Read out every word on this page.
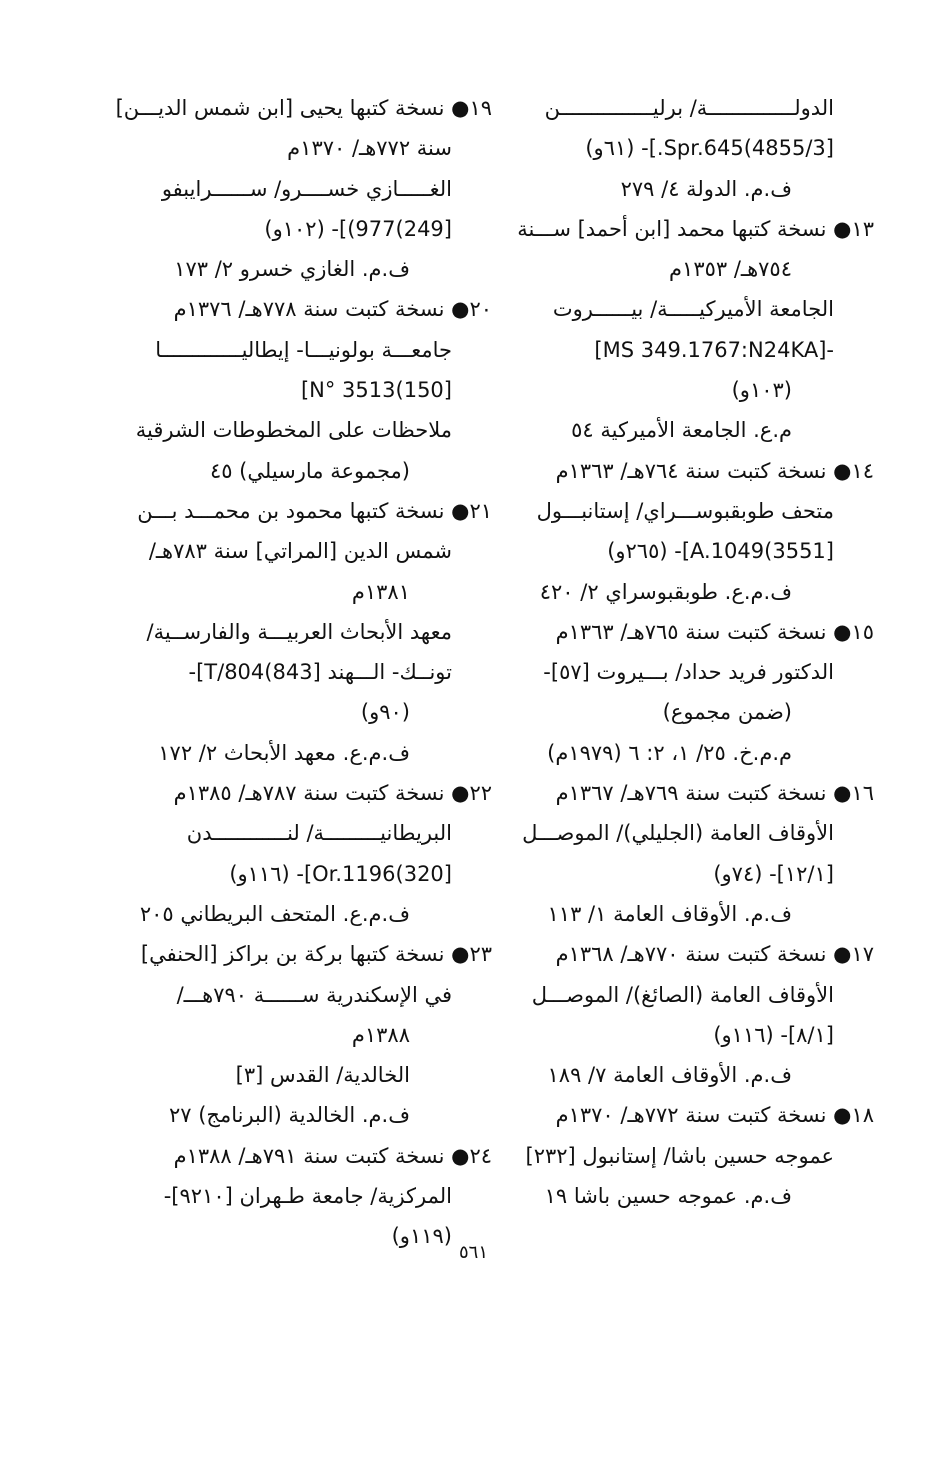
الدولــــــــــــــة/ برليـــــــــــــــن
[4855/3)Spr.645.]- (٦١و)
ف.م. الدولة ٤/ ٢٧٩
١٣● نسخة كتبها محمد [ابن أحمد] ســـنة
٧٥٤هـ/ ١٣٥٣م
الجامعة الأميركيـــــة/ بيــــــروت
-[MS 349.1767:N24KA]
(١٠٣و)
م.ع. الجامعة الأميركية ٥٤
١٤● نسخة كتبت سنة ٧٦٤هـ/ ١٣٦٣م
متحف طوبقبوســـراي/ إستانبـــول
[3551)A.1049]- (٢٦٥و)
ف.م.ع. طوبقبوسراي ٢/ ٤٢٠
١٥● نسخة كتبت سنة ٧٦٥هـ/ ١٣٦٣م
الدكتور فريد حداد/ بـــيروت [٥٧]-
(ضمن مجموع)
م.م.خ. ٢٥/ ١، ٢: ٦ (١٩٧٩م)
١٦● نسخة كتبت سنة ٧٦٩هـ/ ١٣٦٧م
الأوقاف العامة (الجليلي)/ الموصـــل
[١٢/١]- (٧٤و)
ف.م. الأوقاف العامة ١/ ١١٣
١٧● نسخة كتبت سنة ٧٧٠هـ/ ١٣٦٨م
الأوقاف العامة (الصائغ)/ الموصـــل
[٨/١]- (١١٦و)
ف.م. الأوقاف العامة ٧/ ١٨٩
١٨● نسخة كتبت سنة ٧٧٢هـ/ ١٣٧٠م
عموجه حسين باشا/ إستانبول [٢٣٢]
ف.م. عموجه حسين باشا ١٩
١٩● نسخة كتبها يحيى [ابن شمس الديـــن]
سنة ٧٧٢هـ/ ١٣٧٠م
الغـــــازي خســــرو/ ســــــرايبفو
[249)977)]- (١٠٢و)
ف.م. الغازي خسرو ٢/ ١٧٣
٢٠● نسخة كتبت سنة ٧٧٨هـ/ ١٣٧٦م
جامعـــة بولونيـــا- إيطاليـــــــــــــا
[150)N° 3513]
ملاحظات على المخطوطات الشرقية
(مجموعة مارسيلي) ٤٥
٢١● نسخة كتبها محمود بن محمـــد بـــن
شمس الدين [المراتي] سنة ٧٨٣هـ/
١٣٨١م
معهد الأبحاث العربيـــة والفارســية/
تونــك- الـــهند [843)T/804]-
(٩٠و)
ف.م.ع. معهد الأبحاث ٢/ ١٧٢
٢٢● نسخة كتبت سنة ٧٨٧هـ/ ١٣٨٥م
البريطانيـــــــــة/ لنــــــــــــدن
[320)Or.1196]- (١١٦و)
ف.م.ع. المتحف البريطاني ٢٠٥
٢٣● نسخة كتبها بركة بن براكز [الحنفي]
في الإسكندرية ســــــة ٧٩٠هـــ/
١٣٨٨م
الخالدية/ القدس [٣]
ف.م. الخالدية (البرنامج) ٢٧
٢٤● نسخة كتبت سنة ٧٩١هـ/ ١٣٨٨م
المركزية/ جامعة طـهران [٩٢١٠]-
(١١٩و)
٥٦١
